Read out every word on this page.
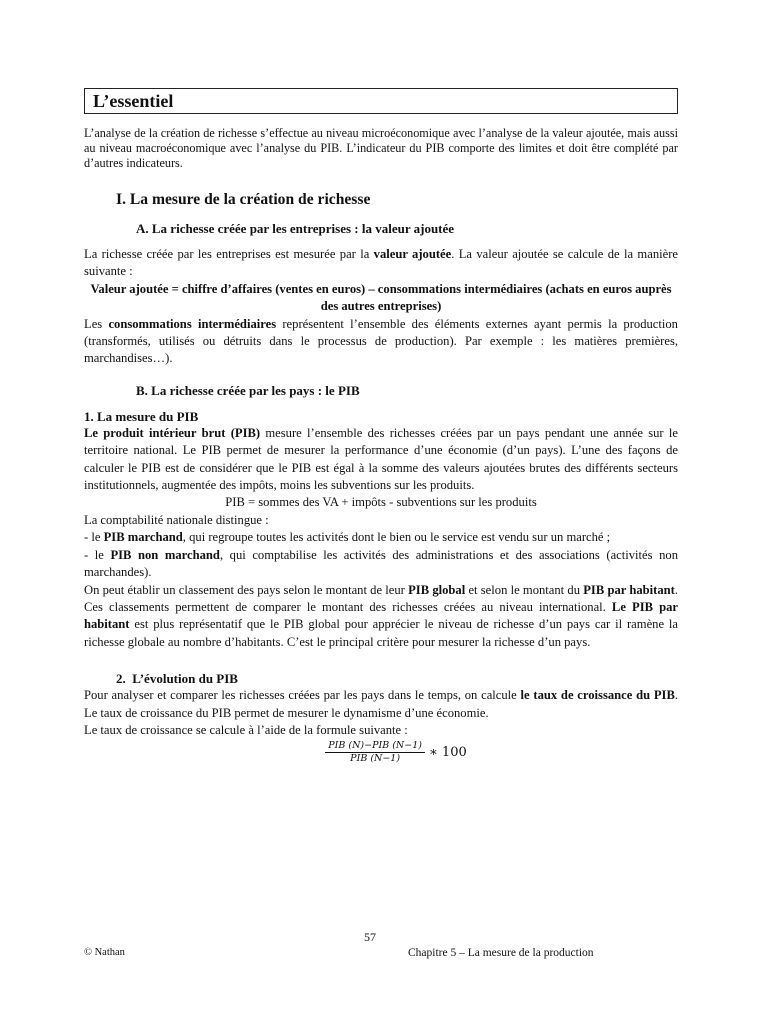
L’essentiel

L’analyse de la création de richesse s’effectue au niveau microéconomique avec l’analyse de la valeur ajoutée, mais aussi au niveau macroéconomique avec l’analyse du PIB. L’indicateur du PIB comporte des limites et doit être complété par d’autres indicateurs.

I. La mesure de la création de richesse
A. La richesse créée par les entreprises : la valeur ajoutée

La richesse créée par les entreprises est mesurée par la valeur ajoutée. La valeur ajoutée se calcule de la manière suivante :

Valeur ajoutée = chiffre d’affaires (ventes en euros) – consommations intermédiaires (achats en euros auprès des autres entreprises)

Les consommations intermédiaires représentent l’ensemble des éléments externes ayant permis la production (transformés, utilisés ou détruits dans le processus de production). Par exemple : les matières premières, marchandises…).

B. La richesse créée par les pays : le PIB
1. La mesure du PIB

Le produit intérieur brut (PIB) mesure l’ensemble des richesses créées par un pays pendant une année sur le territoire national. Le PIB permet de mesurer la performance d’une économie (d’un pays). L’une des façons de calculer le PIB est de considérer que le PIB est égal à la somme des valeurs ajoutées brutes des différents secteurs institutionnels, augmentée des impôts, moins les subventions sur les produits.

PIB = sommes des VA + impôts - subventions sur les produits

La comptabilité nationale distingue :

- le PIB marchand, qui regroupe toutes les activités dont le bien ou le service est vendu sur un marché ;

- le PIB non marchand, qui comptabilise les activités des administrations et des associations (activités non marchandes).

On peut établir un classement des pays selon le montant de leur PIB global et selon le montant du PIB par habitant. Ces classements permettent de comparer le montant des richesses créées au niveau international. Le PIB par habitant est plus représentatif que le PIB global pour apprécier le niveau de richesse d’un pays car il ramène la richesse globale au nombre d’habitants. C’est le principal critère pour mesurer la richesse d’un pays.

2.  L’évolution du PIB

Pour analyser et comparer les richesses créées par les pays dans le temps, on calcule le taux de croissance du PIB. Le taux de croissance du PIB permet de mesurer le dynamisme d’une économie.

Le taux de croissance se calcule à l’aide de la formule suivante :

$\frac{\text{PIB (N)−PIB (N−1)}}{\text{PIB (N−1)}}$ ∗ 100
57
© Nathan	Chapitre 5 – La mesure de la production
